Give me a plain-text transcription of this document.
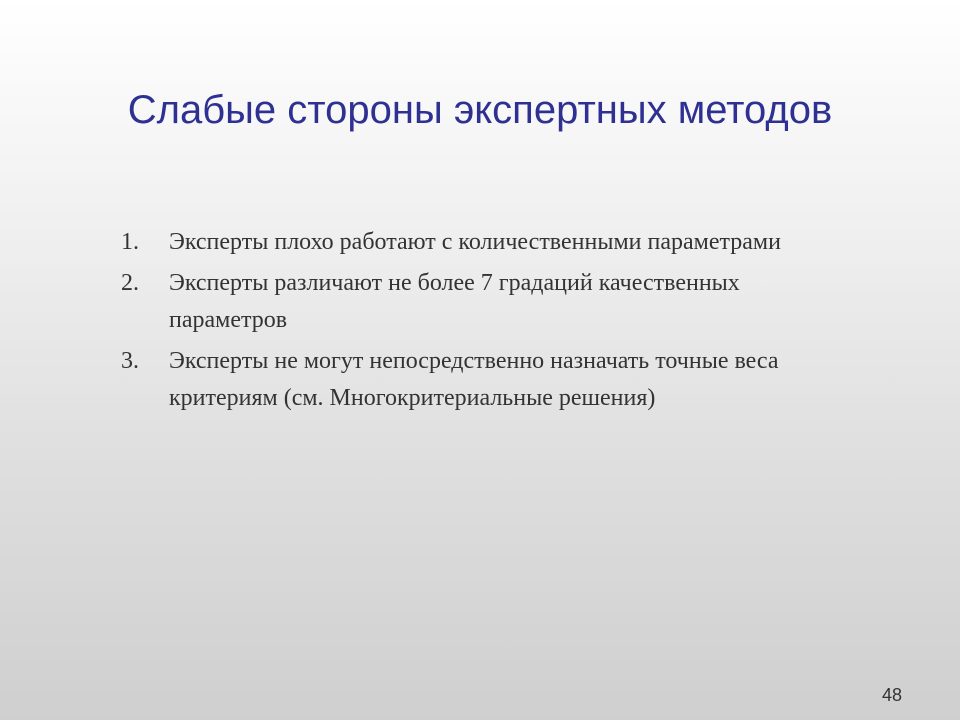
Слабые стороны экспертных методов
1.	Эксперты плохо работают с количественными параметрами
2.	Эксперты различают не более 7 градаций качественных параметров
3.	Эксперты не могут непосредственно назначать точные веса критериям (см. Многокритериальные решения)
48
